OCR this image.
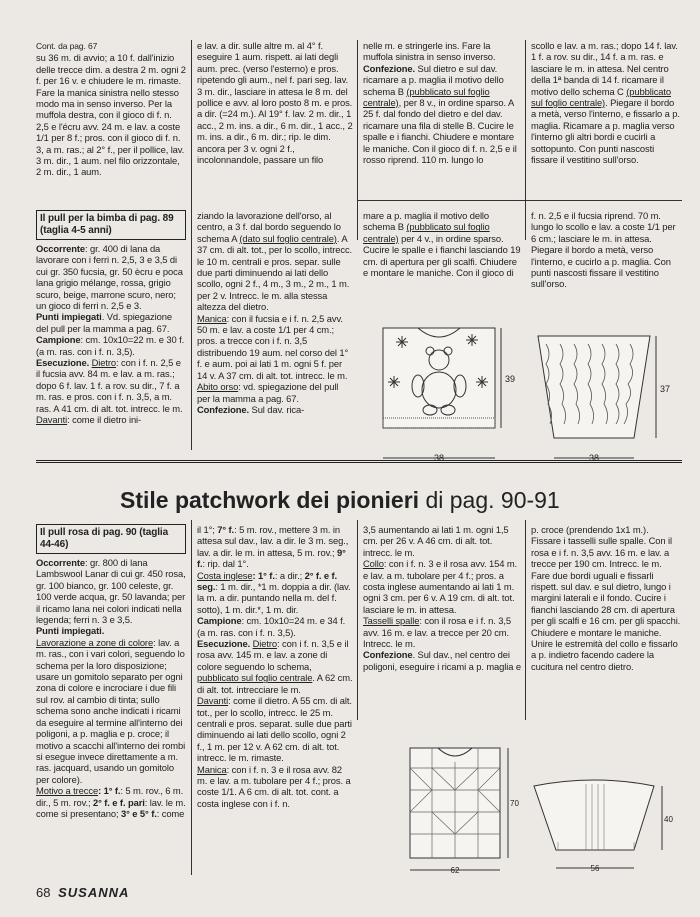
Cont. da pag. 67

su 36 m. di avvio; a 10 f. dall'inizio delle trecce dim. a destra 2 m. ogni 2 f. per 16 v. e chiudere le m. rimaste. Fare la manica sinistra nello stesso modo ma in senso inverso. Per la muffola destra, con il gioco di f. n. 2,5 e l'écru avv. 24 m. e lav. a coste 1/1 per 8 f.; pros. con il gioco di f. n. 3, a m. ras.; al 2° f., per il pollice, lav. 3 m. dir., 1 aum. nel filo orizzontale, 2 m. dir., 1 aum.

e lav. a dir. sulle altre m. al 4° f. eseguire 1 aum. rispett. ai lati degli aum. prec. (verso l'esterno) e pros. ripetendo gli aum., nel f. pari seg. lav. 3 m. dir., lasciare in attesa le 8 m. del pollice e avv. al loro posto 8 m. e pros. a dir. (=24 m.). Al 19° f. lav. 2 m. dir., 1 acc., 2 m. ins. a dir., 6 m. dir., 1 acc., 2 m. ins. a dir., 6 m. dir.; rip. le dim. ancora per 3 v. ogni 2 f., incolonnandole, passare un filo

nelle m. e stringerle ins. Fare la muffola sinistra in senso inverso. Confezione. Sul dietro e sul dav. ricamare a p. maglia il motivo dello schema B (pubblicato sul foglio centrale), per 8 v., in ordine sparso. A 25 f. dal fondo del dietro e del dav. ricamare una fila di stelle B. Cucire le spalle e i fianchi. Chiudere e montare le maniche. Con il gioco di f. n. 2,5 e il rosso riprend. 110 m. lungo lo

scollo e lav. a m. ras.; dopo 14 f. lav. 1 f. a rov. su dir., 14 f. a m. ras. e lasciare le m. in attesa. Nel centro della 1ª banda di 14 f. ricamare il motivo dello schema C (pubblicato sul foglio centrale). Piegare il bordo a metà, verso l'interno, e fissarlo a p. maglia. Ricamare a p. maglia verso l'interno gli altri bordi e cucirli a sottopunto. Con punti nascosti fissare il vestitino sull'orso.

Il pull per la bimba di pag. 89 (taglia 4-5 anni)

Occorrente: gr. 400 di lana da lavorare con i ferri n. 2,5, 3 e 3,5 di cui gr. 350 fucsia, gr. 50 ècru e poca lana grigio mélange, rossa, grigio scuro, beige, marrone scuro, nero; un gioco di ferri n. 2,5 e 3.

Punti impiegati. Vd. spiegazione del pull per la mamma a pag. 67.

Campione: cm. 10x10=22 m. e 30 f. (a m. ras. con i f. n. 3,5).

Esecuzione. Dietro: con i f. n. 2,5 e il fucsia avv. 84 m. e lav. a m. ras.; dopo 6 f. lav. 1 f. a rov. su dir., 7 f. a m. ras. e pros. con i f. n. 3,5, a m. ras. A 41 cm. di alt. tot. intrecc. le m.

Davanti: come il dietro ini-

ziando la lavorazione dell'orso, al centro, a 3 f. dal bordo seguendo lo schema A (dato sul foglio centrale). A 37 cm. di alt. tot., per lo scollo, intrecc. le 10 m. centrali e pros. separ. sulle due parti diminuendo ai lati dello scollo, ogni 2 f., 4 m., 3 m., 2 m., 1 m. per 2 v. Intrecc. le m. alla stessa altezza del dietro.

Manica: con il fucsia e i f. n. 2,5 avv. 50 m. e lav. a coste 1/1 per 4 cm.; pros. a trecce con i f. n. 3,5 distribuendo 19 aum. nel corso del 1° f. e aum. poi ai lati 1 m. ogni 5 f. per 14 v. A 37 cm. di alt. tot. intrecc. le m.

Abito orso: vd. spiegazione del pull per la mamma a pag. 67.

Confezione. Sul dav. rica-

mare a p. maglia il motivo dello schema B (pubblicato sul foglio centrale) per 4 v., in ordine sparso. Cucire le spalle e i fianchi lasciando 19 cm. di apertura per gli scalfi. Chiudere e montare le maniche. Con il gioco di

f. n. 2,5 e il fucsia riprend. 70 m. lungo lo scollo e lav. a coste 1/1 per 6 cm.; lasciare le m. in attesa. Piegare il bordo a metà, verso l'interno, e cucirlo a p. maglia. Con punti nascosti fissare il vestitino sull'orso.

38
39
38
37
Stile patchwork dei pionieri di pag. 90-91
Il pull rosa di pag. 90 (taglia 44-46)

Occorrente: gr. 800 di lana Lambswool Lanar di cui gr. 450 rosa, gr. 100 bianco, gr. 100 celeste, gr. 100 verde acqua, gr. 50 lavanda; per il ricamo lana nei colori indicati nella legenda; ferri n. 3 e 3,5.

Punti impiegati.

Lavorazione a zone di colore: lav. a m. ras., con i vari colori, seguendo lo schema per la loro disposizione; usare un gomitolo separato per ogni zona di colore e incrociare i due fili sul rov. al cambio di tinta; sullo schema sono anche indicati i ricami da eseguire al termine all'interno dei poligoni, a p. maglia e p. croce; il motivo a scacchi all'interno dei rombi si esegue invece direttamente a m. ras. jacquard, usando un gomitolo per colore).

Motivo a trecce: 1° f.: 5 m. rov., 6 m. dir., 5 m. rov.; 2° f. e f. pari: lav. le m. come si presentano; 3° e 5° f.: come

il 1°; 7° f.: 5 m. rov., mettere 3 m. in attesa sul dav., lav. a dir. le 3 m. seg., lav. a dir. le m. in attesa, 5 m. rov.; 9° f.: rip. dal 1°.

Costa inglese: 1° f.: a dir.; 2° f. e f. seg.: 1 m. dir., *1 m. doppia a dir. (lav. la m. a dir. puntando nella m. del f. sotto), 1 m. dir.*, 1 m. dir.

Campione: cm. 10x10=24 m. e 34 f. (a m. ras. con i f. n. 3,5).

Esecuzione. Dietro: con i f. n. 3,5 e il rosa avv. 145 m. e lav. a zone di colore seguendo lo schema, pubblicato sul foglio centrale. A 62 cm. di alt. tot. intrecciare le m.

Davanti: come il dietro. A 55 cm. di alt. tot., per lo scollo, intrecc. le 25 m. centrali e pros. separat. sulle due parti diminuendo ai lati dello scollo, ogni 2 f., 1 m. per 12 v. A 62 cm. di alt. tot. intrecc. le m. rimaste.

Manica: con i f. n. 3 e il rosa avv. 82 m. e lav. a m. tubolare per 4 f.; pros. a coste 1/1. A 6 cm. di alt. tot. cont. a costa inglese con i f. n.

3,5 aumentando ai lati 1 m. ogni 1,5 cm. per 26 v. A 46 cm. di alt. tot. intrecc. le m.

Collo: con i f. n. 3 e il rosa avv. 154 m. e lav. a m. tubolare per 4 f.; pros. a costa inglese aumentando ai lati 1 m. ogni 3 cm. per 6 v. A 19 cm. di alt. tot. lasciare le m. in attesa.

Tasselli spalle: con il rosa e i f. n. 3,5 avv. 16 m. e lav. a trecce per 20 cm. Intrecc. le m.

Confezione. Sul dav., nel centro dei poligoni, eseguire i ricami a p. maglia e

p. croce (prendendo 1x1 m.). Fissare i tasselli sulle spalle. Con il rosa e i f. n. 3,5 avv. 16 m. e lav. a trecce per 190 cm. Intrecc. le m. Fare due bordi uguali e fissarli rispett. sul dav. e sul dietro, lungo i margini laterali e il fondo. Cucire i fianchi lasciando 28 cm. di apertura per gli scalfi e 16 cm. per gli spacchi. Chiudere e montare le maniche. Unire le estremità del collo e fissarlo a p. indietro facendo cadere la cucitura nel centro dietro.

62
70
56
40
68 SUSANNA
